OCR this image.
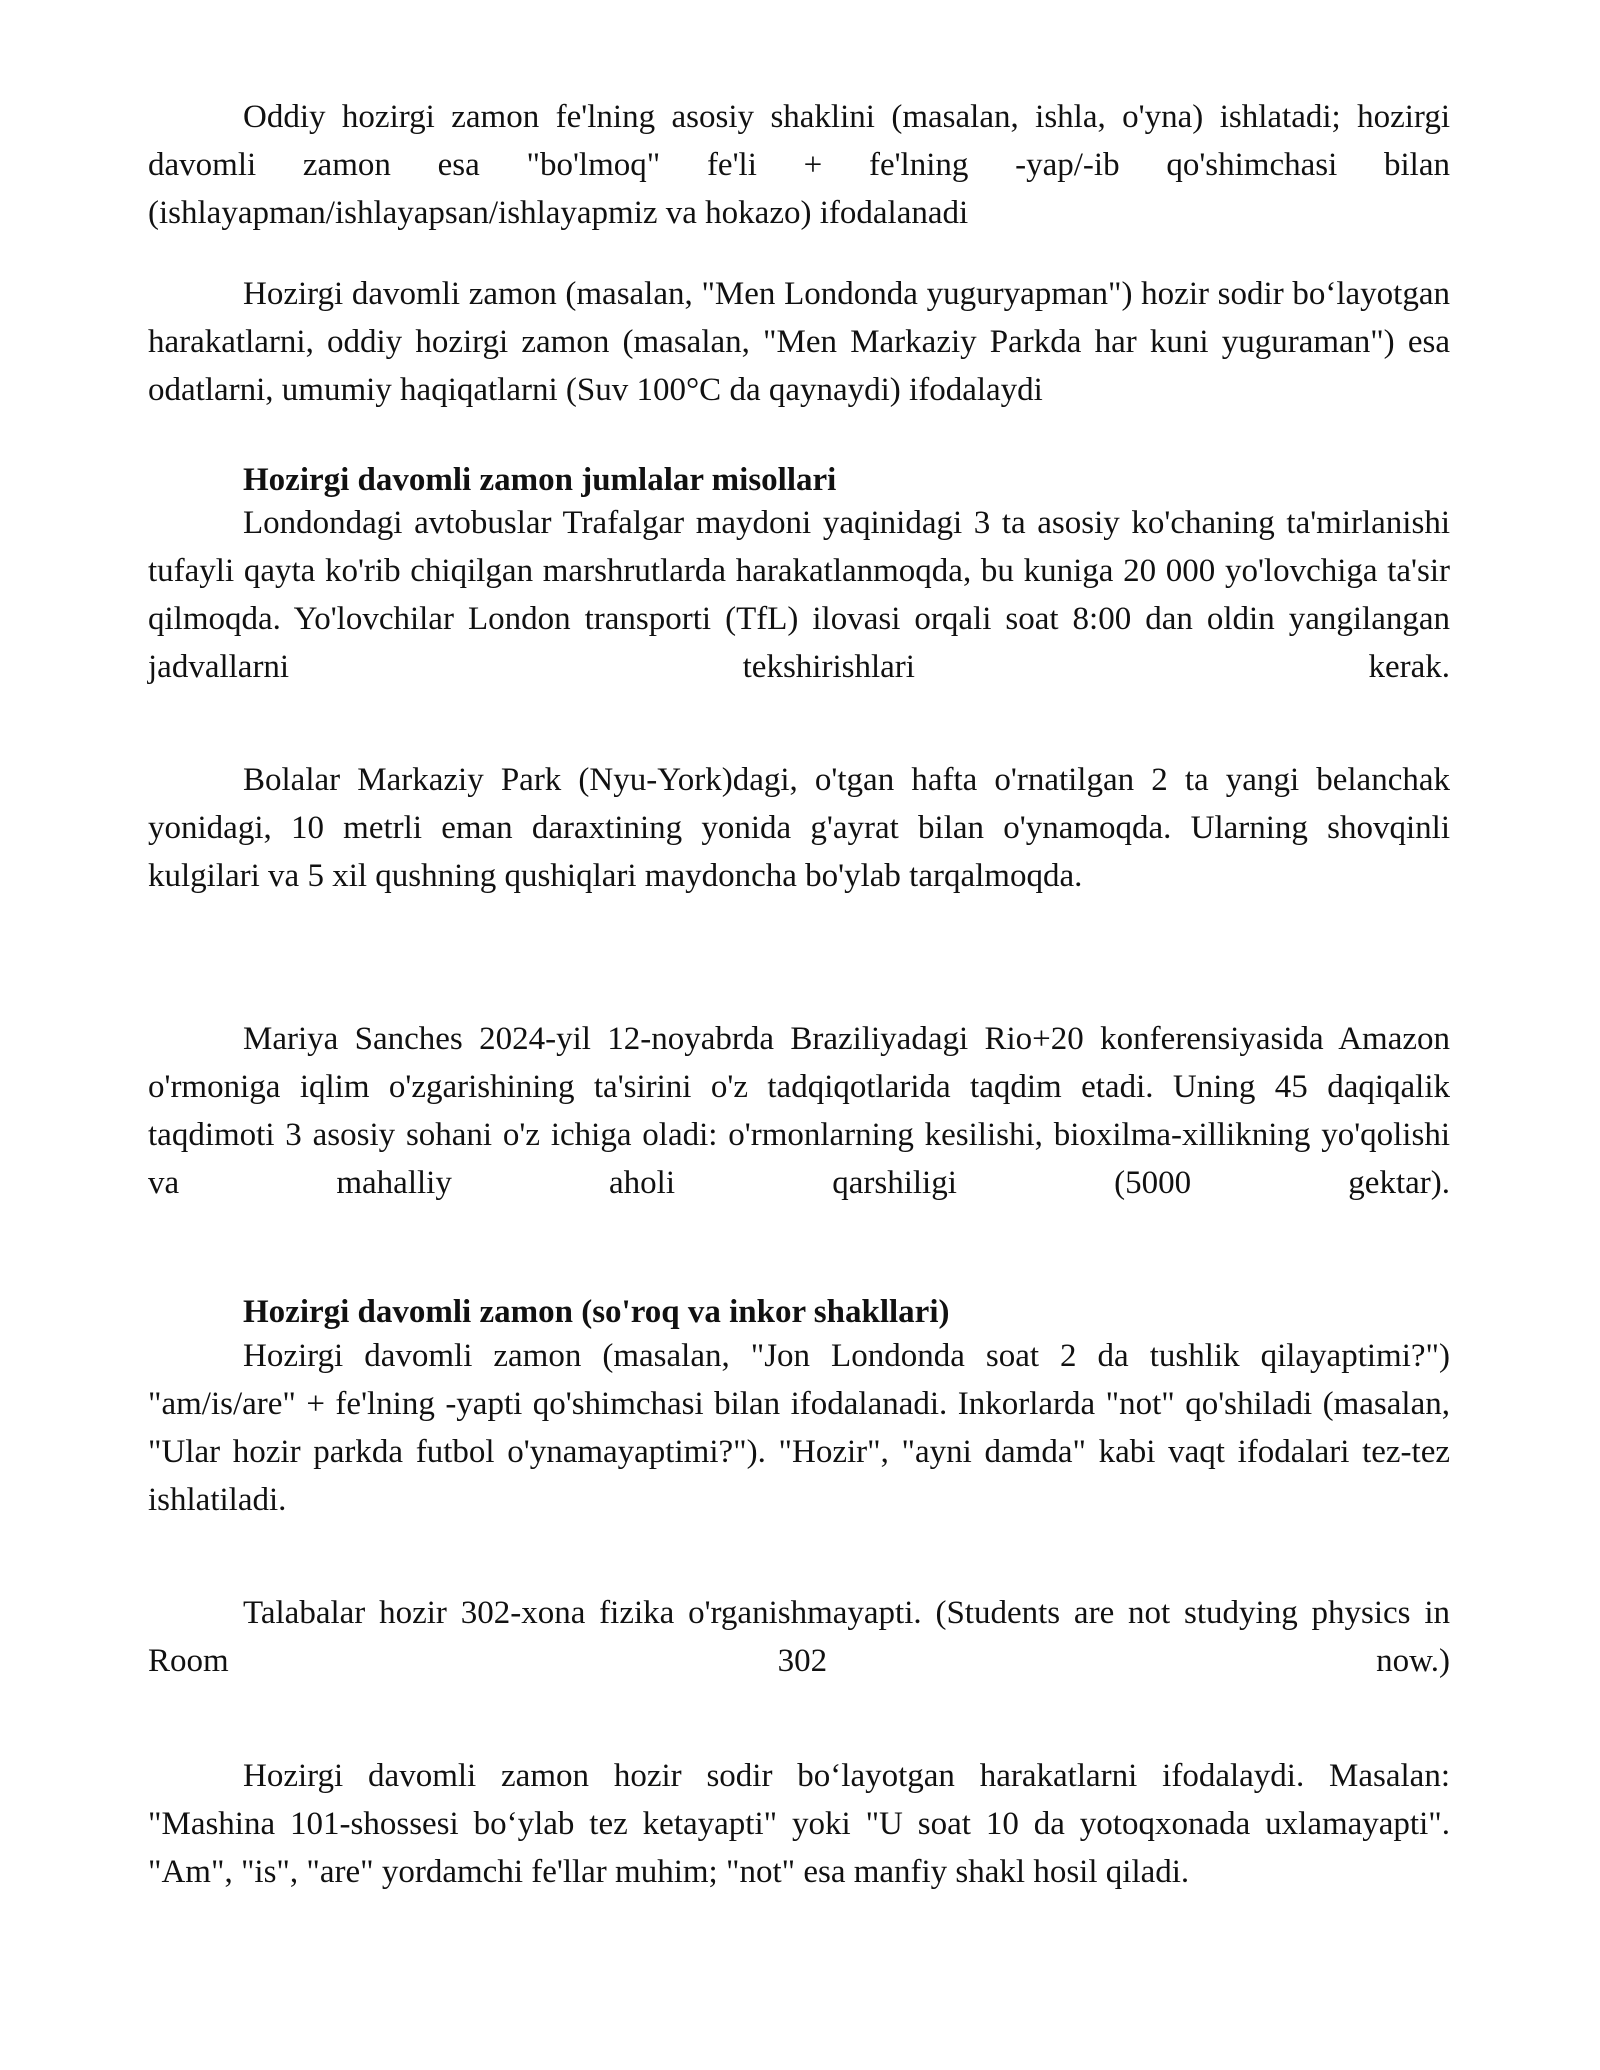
Oddiy hozirgi zamon fe'lning asosiy shaklini (masalan, ishla, o'yna) ishlatadi; hozirgi davomli zamon esa "bo'lmoq" fe'li + fe'lning -yap/-ib qo'shimchasi bilan (ishlayapman/ishlayapsan/ishlayapmiz va hokazo) ifodalanadi

Hozirgi davomli zamon (masalan, "Men Londonda yuguryapman") hozir sodir bo‘layotgan harakatlarni, oddiy hozirgi zamon (masalan, "Men Markaziy Parkda har kuni yuguraman") esa odatlarni, umumiy haqiqatlarni (Suv 100°C da qaynaydi) ifodalaydi

Hozirgi davomli zamon jumlalar misollari

Londondagi avtobuslar Trafalgar maydoni yaqinidagi 3 ta asosiy ko'chaning ta'mirlanishi tufayli qayta ko'rib chiqilgan marshrutlarda harakatlanmoqda, bu kuniga 20 000 yo'lovchiga ta'sir qilmoqda. Yo'lovchilar London transporti (TfL) ilovasi orqali soat 8:00 dan oldin yangilangan jadvallarni tekshirishlari kerak.

Bolalar Markaziy Park (Nyu-York)dagi, o'tgan hafta o'rnatilgan 2 ta yangi belanchak yonidagi, 10 metrli eman daraxtining yonida g'ayrat bilan o'ynamoqda. Ularning shovqinli kulgilari va 5 xil qushning qushiqlari maydoncha bo'ylab tarqalmoqda.

Mariya Sanches 2024-yil 12-noyabrda Braziliyadagi Rio+20 konferensiyasida Amazon o'rmoniga iqlim o'zgarishining ta'sirini o'z tadqiqotlarida taqdim etadi. Uning 45 daqiqalik taqdimoti 3 asosiy sohani o'z ichiga oladi: o'rmonlarning kesilishi, bioxilma-xillikning yo'qolishi va mahalliy aholi qarshiligi (5000 gektar).

Hozirgi davomli zamon (so'roq va inkor shakllari)

Hozirgi davomli zamon (masalan, "Jon Londonda soat 2 da tushlik qilayaptimi?") "am/is/are" + fe'lning -yapti qo'shimchasi bilan ifodalanadi. Inkorlarda "not" qo'shiladi (masalan, "Ular hozir parkda futbol o'ynamayaptimi?"). "Hozir", "ayni damda" kabi vaqt ifodalari tez-tez ishlatiladi.

Talabalar hozir 302-xona fizika o'rganishmayapti. (Students are not studying physics in Room 302 now.)

Hozirgi davomli zamon hozir sodir bo‘layotgan harakatlarni ifodalaydi. Masalan: "Mashina 101-shossesi bo‘ylab tez ketayapti" yoki "U soat 10 da yotoqxonada uxlamayapti". "Am", "is", "are" yordamchi fe'llar muhim; "not" esa manfiy shakl hosil qiladi.
